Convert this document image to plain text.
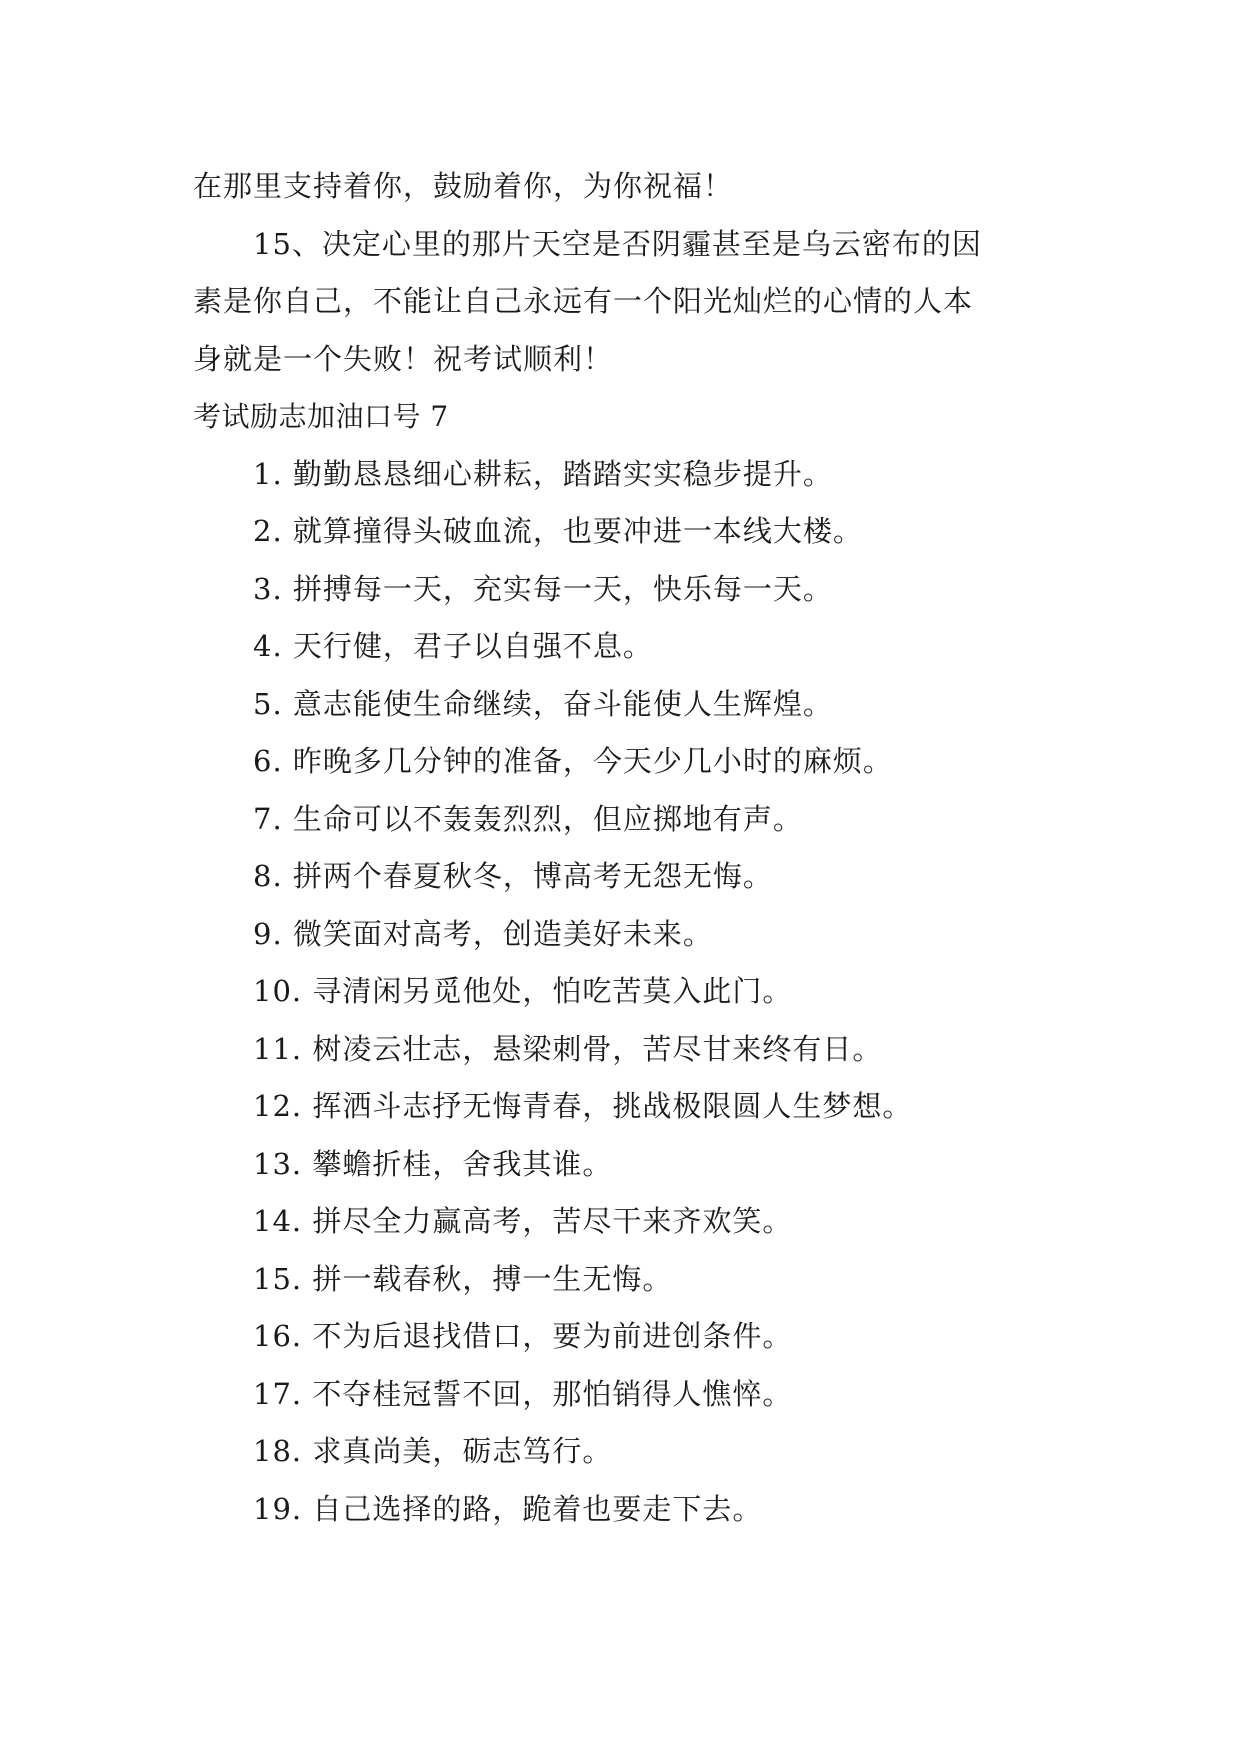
在那里支持着你，鼓励着你，为你祝福！
15、决定心里的那片天空是否阴霾甚至是乌云密布的因
素是你自己，不能让自己永远有一个阳光灿烂的心情的人本
身就是一个失败！祝考试顺利！
考试励志加油口号 7
1. 勤勤恳恳细心耕耘，踏踏实实稳步提升。
2. 就算撞得头破血流，也要冲进一本线大楼。
3. 拼搏每一天，充实每一天，快乐每一天。
4. 天行健，君子以自强不息。
5. 意志能使生命继续，奋斗能使人生辉煌。
6. 昨晚多几分钟的准备，今天少几小时的麻烦。
7. 生命可以不轰轰烈烈，但应掷地有声。
8. 拼两个春夏秋冬，博高考无怨无悔。
9. 微笑面对高考，创造美好未来。
10. 寻清闲另觅他处，怕吃苦莫入此门。
11. 树凌云壮志，悬梁刺骨，苦尽甘来终有日。
12. 挥洒斗志抒无悔青春，挑战极限圆人生梦想。
13. 攀蟾折桂，舍我其谁。
14. 拼尽全力赢高考，苦尽干来齐欢笑。
15. 拼一载春秋，搏一生无悔。
16. 不为后退找借口，要为前进创条件。
17. 不夺桂冠誓不回，那怕销得人憔悴。
18. 求真尚美，砺志笃行。
19. 自己选择的路，跪着也要走下去。
